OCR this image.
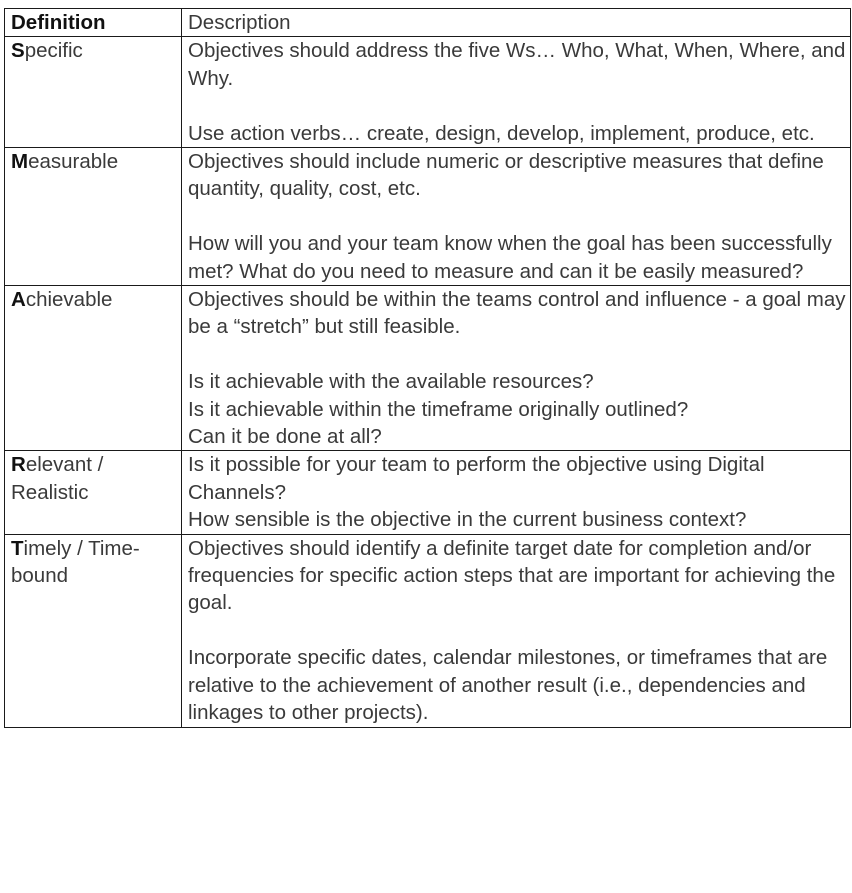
Definition	Description
Specific	Objectives should address the five Ws… Who, What, When, Where, and Why.
Use action verbs… create, design, develop, implement, produce, etc.

Measurable	Objectives should include numeric or descriptive measures that define quantity, quality, cost, etc.
How will you and your team know when the goal has been successfully met? What do you need to measure and can it be easily measured?

Achievable	Objectives should be within the teams control and influence - a goal may be a “stretch” but still feasible.
Is it achievable with the available resources?
Is it achievable within the timeframe originally outlined?
Can it be done at all?

Relevant / Realistic	Is it possible for your team to perform the objective using Digital Channels?
How sensible is the objective in the current business context?

Timely / Time-bound	Objectives should identify a definite target date for completion and/or frequencies for specific action steps that are important for achieving the goal.
Incorporate specific dates, calendar milestones, or timeframes that are relative to the achievement of another result (i.e., dependencies and linkages to other projects).
